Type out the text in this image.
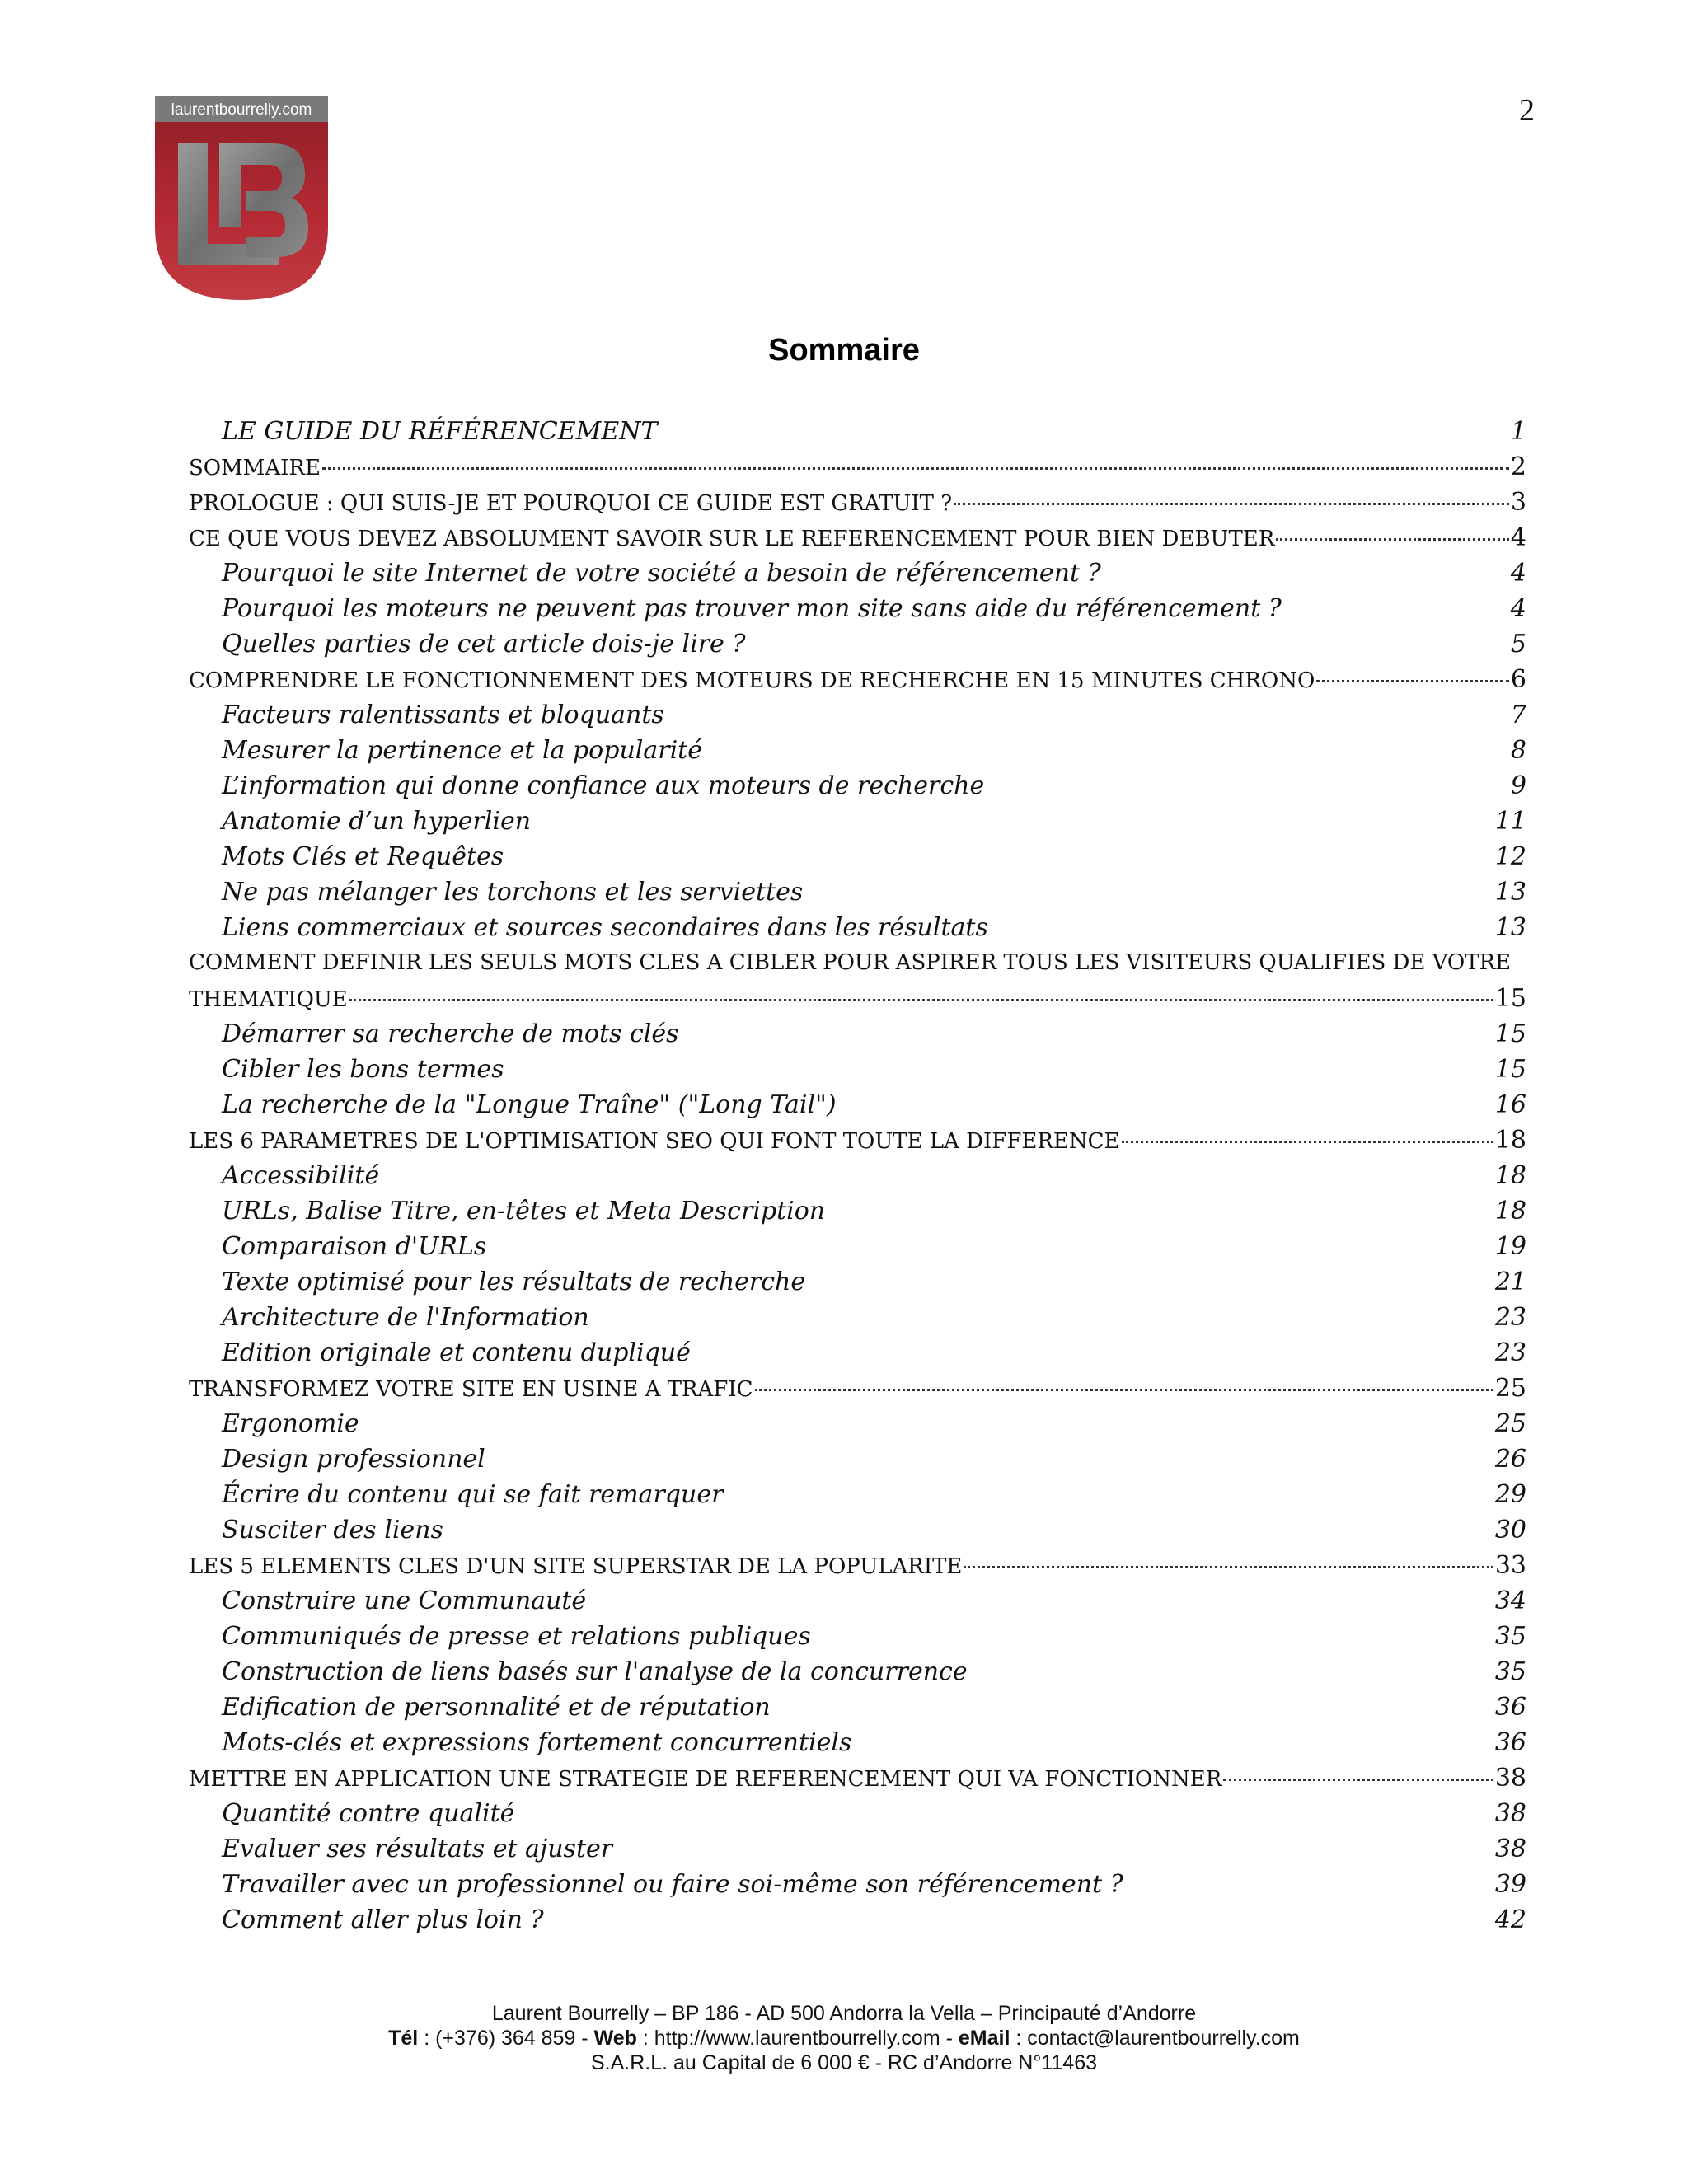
2
laurentbourrelly.com
Sommaire
LE GUIDE DU RÉFÉRENCEMENT	1
SOMMAIRE	2
PROLOGUE : QUI SUIS-JE ET POURQUOI CE GUIDE EST GRATUIT ?	3
CE QUE VOUS DEVEZ ABSOLUMENT SAVOIR SUR LE REFERENCEMENT POUR BIEN DEBUTER	4
Pourquoi le site Internet de votre société a besoin de référencement ?	4
Pourquoi les moteurs ne peuvent pas trouver mon site sans aide du référencement ?	4
Quelles parties de cet article dois-je lire ?	5
COMPRENDRE LE FONCTIONNEMENT DES MOTEURS DE RECHERCHE EN 15 MINUTES CHRONO	6
Facteurs ralentissants et bloquants	7
Mesurer la pertinence et la popularité	8
L’information qui donne confiance aux moteurs de recherche	9
Anatomie d’un hyperlien	11
Mots Clés et Requêtes	12
Ne pas mélanger les torchons et les serviettes	13
Liens commerciaux et sources secondaires dans les résultats	13
COMMENT DEFINIR LES SEULS MOTS CLES A CIBLER POUR ASPIRER TOUS LES VISITEURS QUALIFIES DE VOTRE
THEMATIQUE	15
Démarrer sa recherche de mots clés	15
Cibler les bons termes	15
La recherche de la "Longue Traîne" ("Long Tail")	16
LES 6 PARAMETRES DE L'OPTIMISATION SEO QUI FONT TOUTE LA DIFFERENCE	18
Accessibilité	18
URLs, Balise Titre, en-têtes et Meta Description	18
Comparaison d'URLs	19
Texte optimisé pour les résultats de recherche	21
Architecture de l'Information	23
Edition originale et contenu dupliqué	23
TRANSFORMEZ VOTRE SITE EN USINE A TRAFIC	25
Ergonomie	25
Design professionnel	26
Écrire du contenu qui se fait remarquer	29
Susciter des liens	30
LES 5 ELEMENTS CLES D'UN SITE SUPERSTAR DE LA POPULARITE	33
Construire une Communauté	34
Communiqués de presse et relations publiques	35
Construction de liens basés sur l'analyse de la concurrence	35
Edification de personnalité et de réputation	36
Mots-clés et expressions fortement concurrentiels	36
METTRE EN APPLICATION UNE STRATEGIE DE REFERENCEMENT QUI VA FONCTIONNER	38
Quantité contre qualité	38
Evaluer ses résultats et ajuster	38
Travailler avec un professionnel ou faire soi-même son référencement ?	39
Comment aller plus loin ?	42
Laurent Bourrelly – BP 186 - AD 500 Andorra la Vella – Principauté d’Andorre
Tél : (+376) 364 859 - Web : http://www.laurentbourrelly.com - eMail : contact@laurentbourrelly.com
S.A.R.L. au Capital de 6 000 € - RC d’Andorre N°11463
